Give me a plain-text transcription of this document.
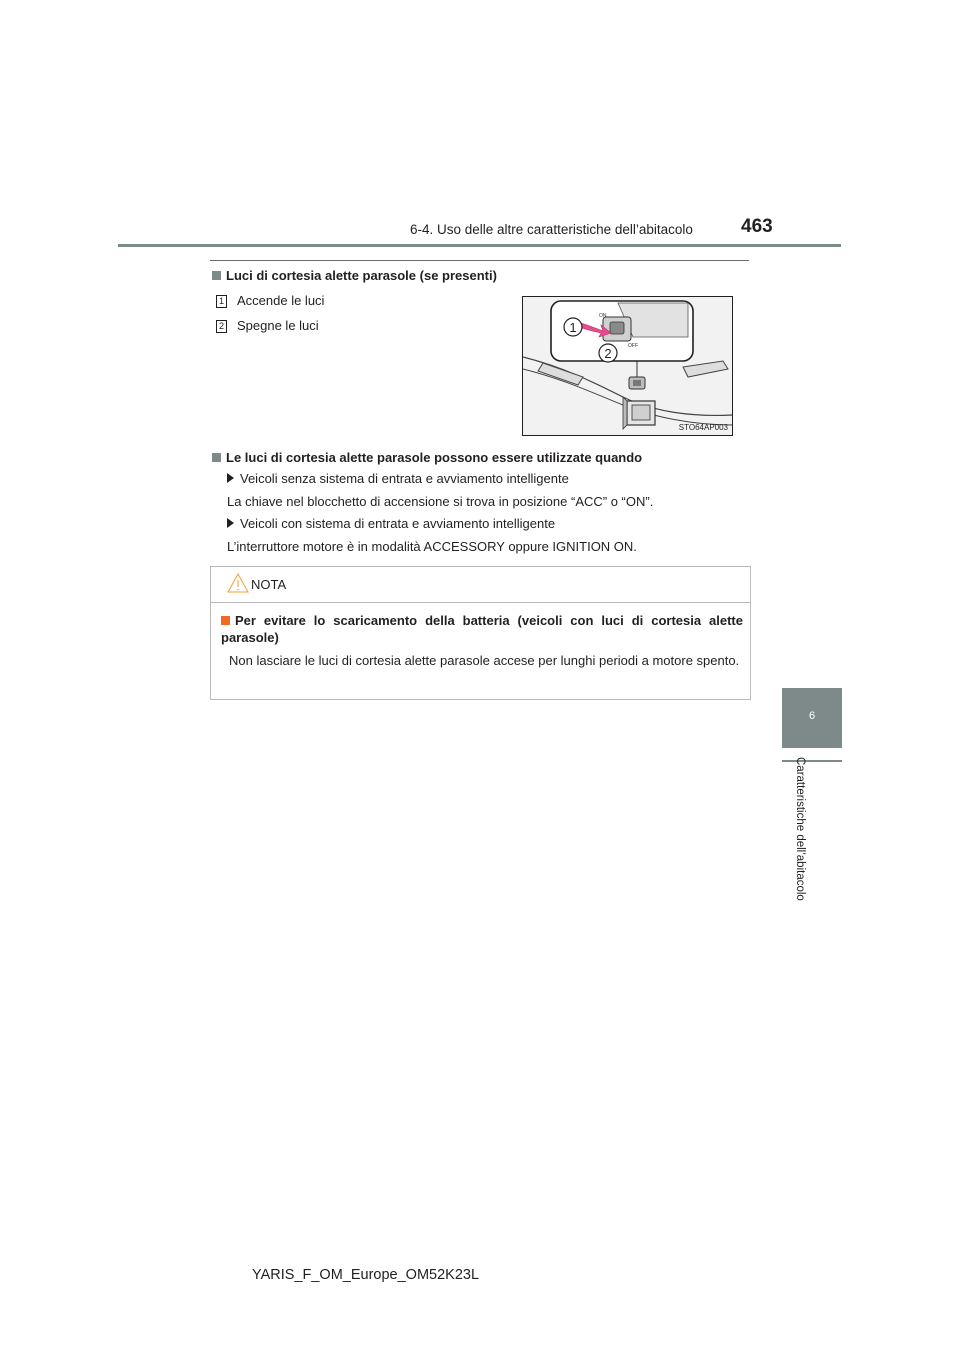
6-4. Uso delle altre caratteristiche dell’abitacolo	463
6
Caratteristiche dell’abitacolo
Luci di cortesia alette parasole (se presenti)
1 Accende le luci
2 Spegne le luci
ON
OFF
1
2
STO64AP003
Le luci di cortesia alette parasole possono essere utilizzate quando
Veicoli senza sistema di entrata e avviamento intelligente
La chiave nel blocchetto di accensione si trova in posizione “ACC” o “ON”.
Veicoli con sistema di entrata e avviamento intelligente
L’interruttore motore è in modalità ACCESSORY oppure IGNITION ON.
NOTA
Per evitare lo scaricamento della batteria (veicoli con luci di cortesia alette parasole)
Non lasciare le luci di cortesia alette parasole accese per lunghi periodi a motore spento.
YARIS_F_OM_Europe_OM52K23L
